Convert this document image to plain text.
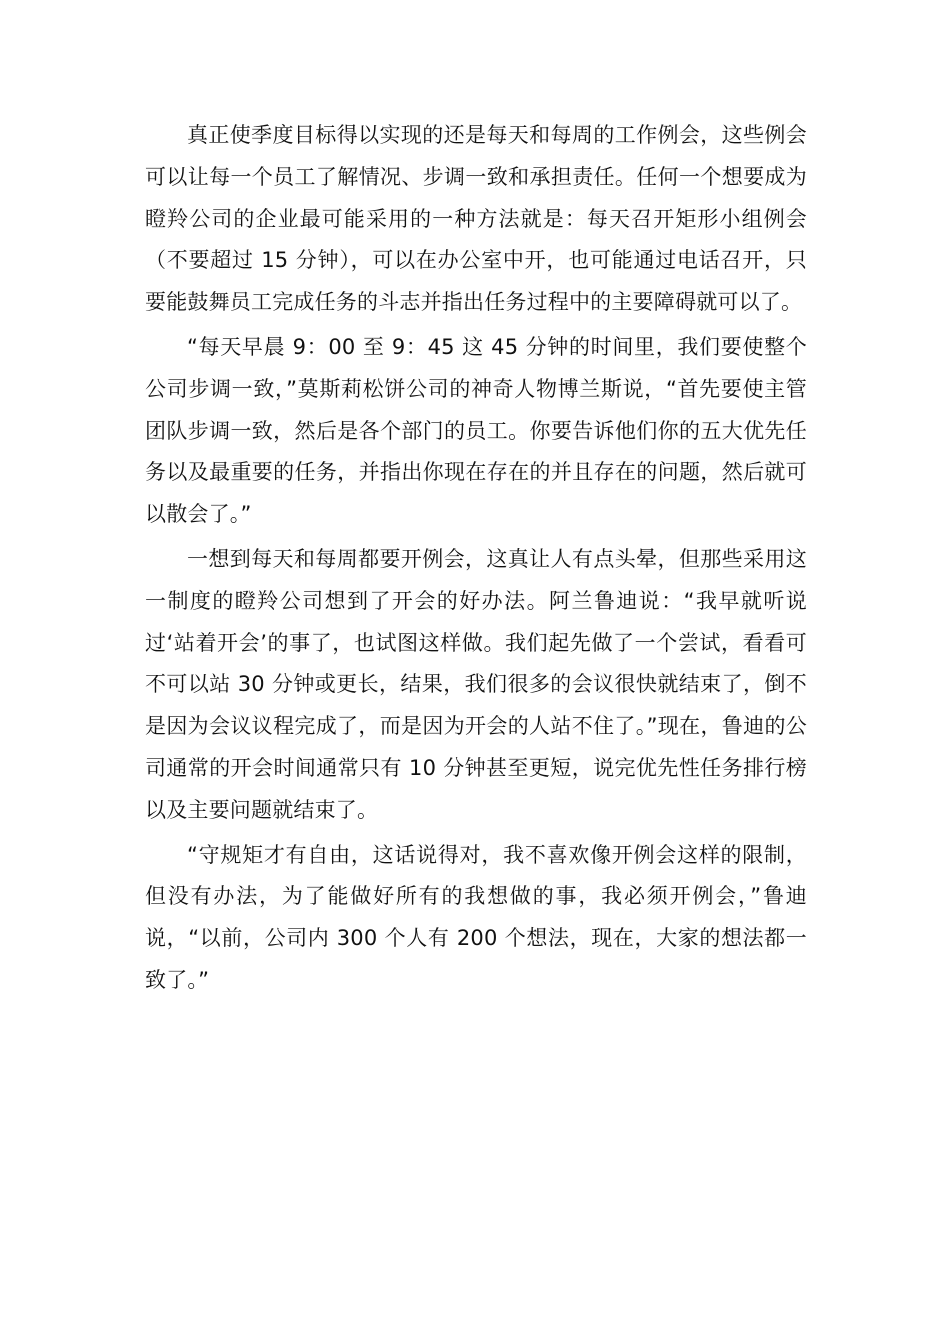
真正使季度目标得以实现的还是每天和每周的工作例会，这些例会可以让每一个员工了解情况、步调一致和承担责任。任何一个想要成为瞪羚公司的企业最可能采用的一种方法就是：每天召开矩形小组例会（不要超过 15 分钟），可以在办公室中开，也可能通过电话召开，只要能鼓舞员工完成任务的斗志并指出任务过程中的主要障碍就可以了。

“每天早晨 9：00 至 9：45 这 45 分钟的时间里，我们要使整个公司步调一致，”莫斯莉松饼公司的神奇人物博兰斯说，“首先要使主管团队步调一致，然后是各个部门的员工。你要告诉他们你的五大优先任务以及最重要的任务，并指出你现在存在的并且存在的问题，然后就可以散会了。”

一想到每天和每周都要开例会，这真让人有点头晕，但那些采用这一制度的瞪羚公司想到了开会的好办法。阿兰鲁迪说：“我早就听说过‘站着开会’的事了，也试图这样做。我们起先做了一个尝试，看看可不可以站 30 分钟或更长，结果，我们很多的会议很快就结束了，倒不是因为会议议程完成了，而是因为开会的人站不住了。”现在，鲁迪的公司通常的开会时间通常只有 10 分钟甚至更短，说完优先性任务排行榜以及主要问题就结束了。

“守规矩才有自由，这话说得对，我不喜欢像开例会这样的限制，但没有办法，为了能做好所有的我想做的事，我必须开例会，”鲁迪说，“以前，公司内 300 个人有 200 个想法，现在，大家的想法都一致了。”
